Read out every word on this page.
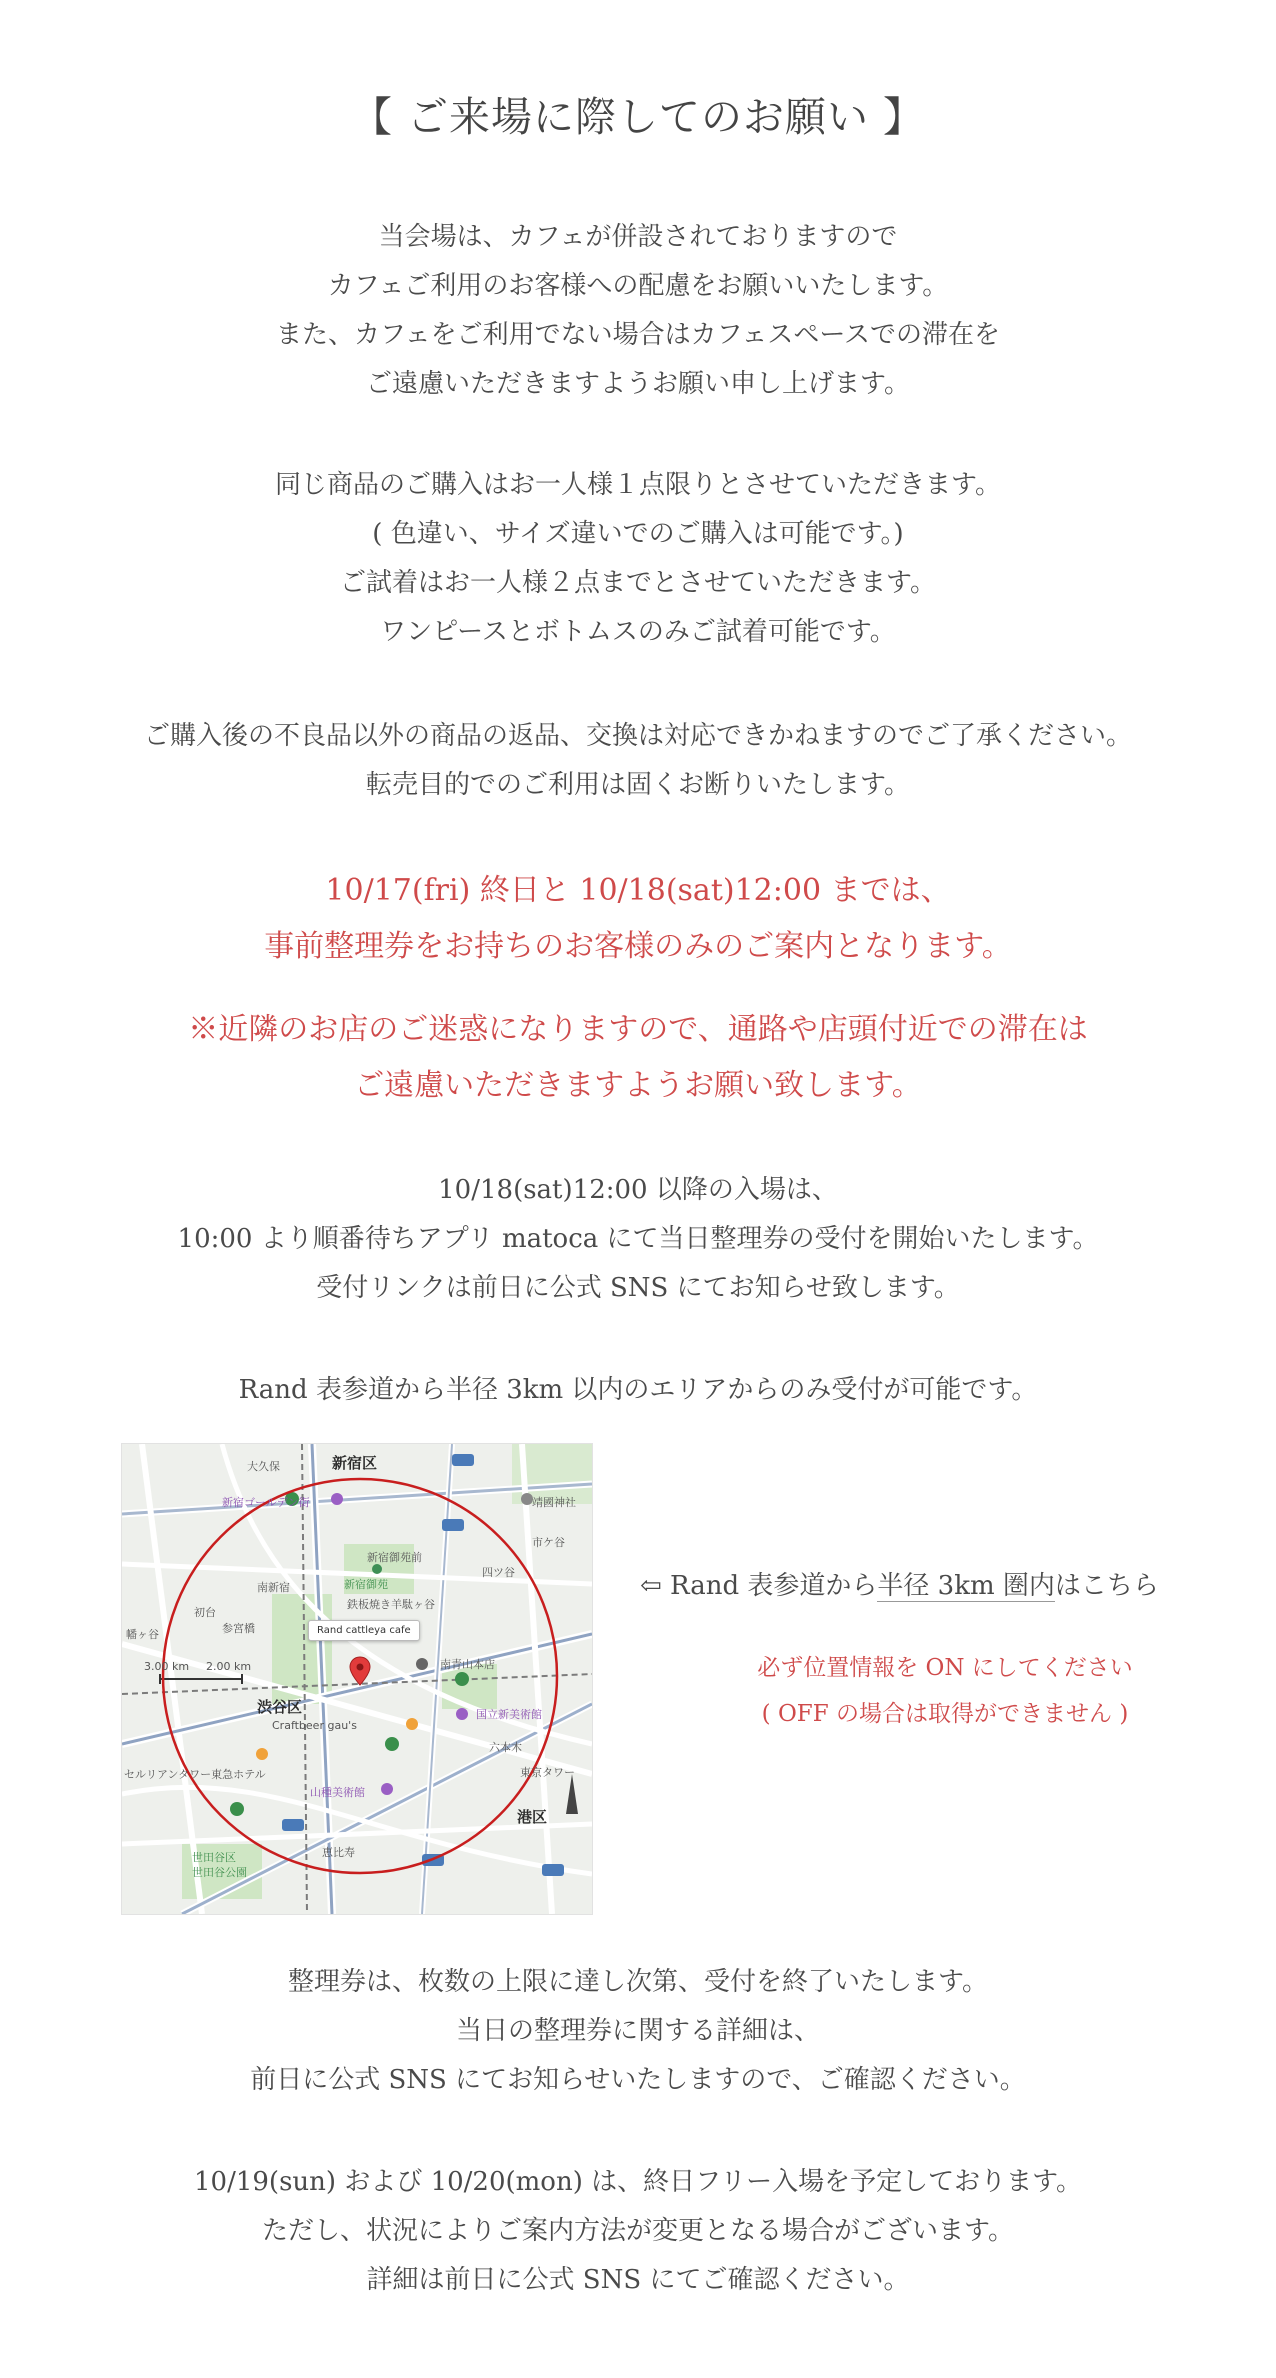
【 ご来場に際してのお願い 】
当会場は、カフェが併設されておりますので
カフェご利用のお客様への配慮をお願いいたします。
また、カフェをご利用でない場合はカフェスペースでの滞在を
ご遠慮いただきますようお願い申し上げます。
同じ商品のご購入はお一人様１点限りとさせていただきます。
( 色違い、サイズ違いでのご購入は可能です。)
ご試着はお一人様２点までとさせていただきます。
ワンピースとボトムスのみご試着可能です。
ご購入後の不良品以外の商品の返品、交換は対応できかねますのでご了承ください。
転売目的でのご利用は固くお断りいたします。
10/17(fri) 終日と 10/18(sat)12:00 までは、
事前整理券をお持ちのお客様のみのご案内となります。
※近隣のお店のご迷惑になりますので、通路や店頭付近での滞在は
ご遠慮いただきますようお願い致します。
10/18(sat)12:00 以降の入場は、
10:00 より順番待ちアプリ matoca にて当日整理券の受付を開始いたします。
受付リンクは前日に公式 SNS にてお知らせ致します。
Rand 表参道から半径 3km 以内のエリアからのみ受付が可能です。
新宿区
大久保
新宿ゴールデン街	靖國神社
市ケ谷
新宿御苑前
新宿御苑
四ツ谷
南新宿
初台
参宮橋
鉄板焼き羊駄ヶ谷
幡ヶ谷
3.00 km 2.00 km	南青山本店
渋谷区	国立新美術館
Craftbeer gau's
六本木
セルリアンタワー東急ホテル
山種美術館
東京タワー
港区
恵比寿
世田谷区
世田谷公園
Rand cattleya cafe
⇦ Rand 表参道から半径 3km 圏内はこちら
必ず位置情報を ON にしてください
( OFF の場合は取得ができません )
整理券は、枚数の上限に達し次第、受付を終了いたします。
当日の整理券に関する詳細は、
前日に公式 SNS にてお知らせいたしますので、ご確認ください。
10/19(sun) および 10/20(mon) は、終日フリー入場を予定しております。
ただし、状況によりご案内方法が変更となる場合がございます。
詳細は前日に公式 SNS にてご確認ください。
